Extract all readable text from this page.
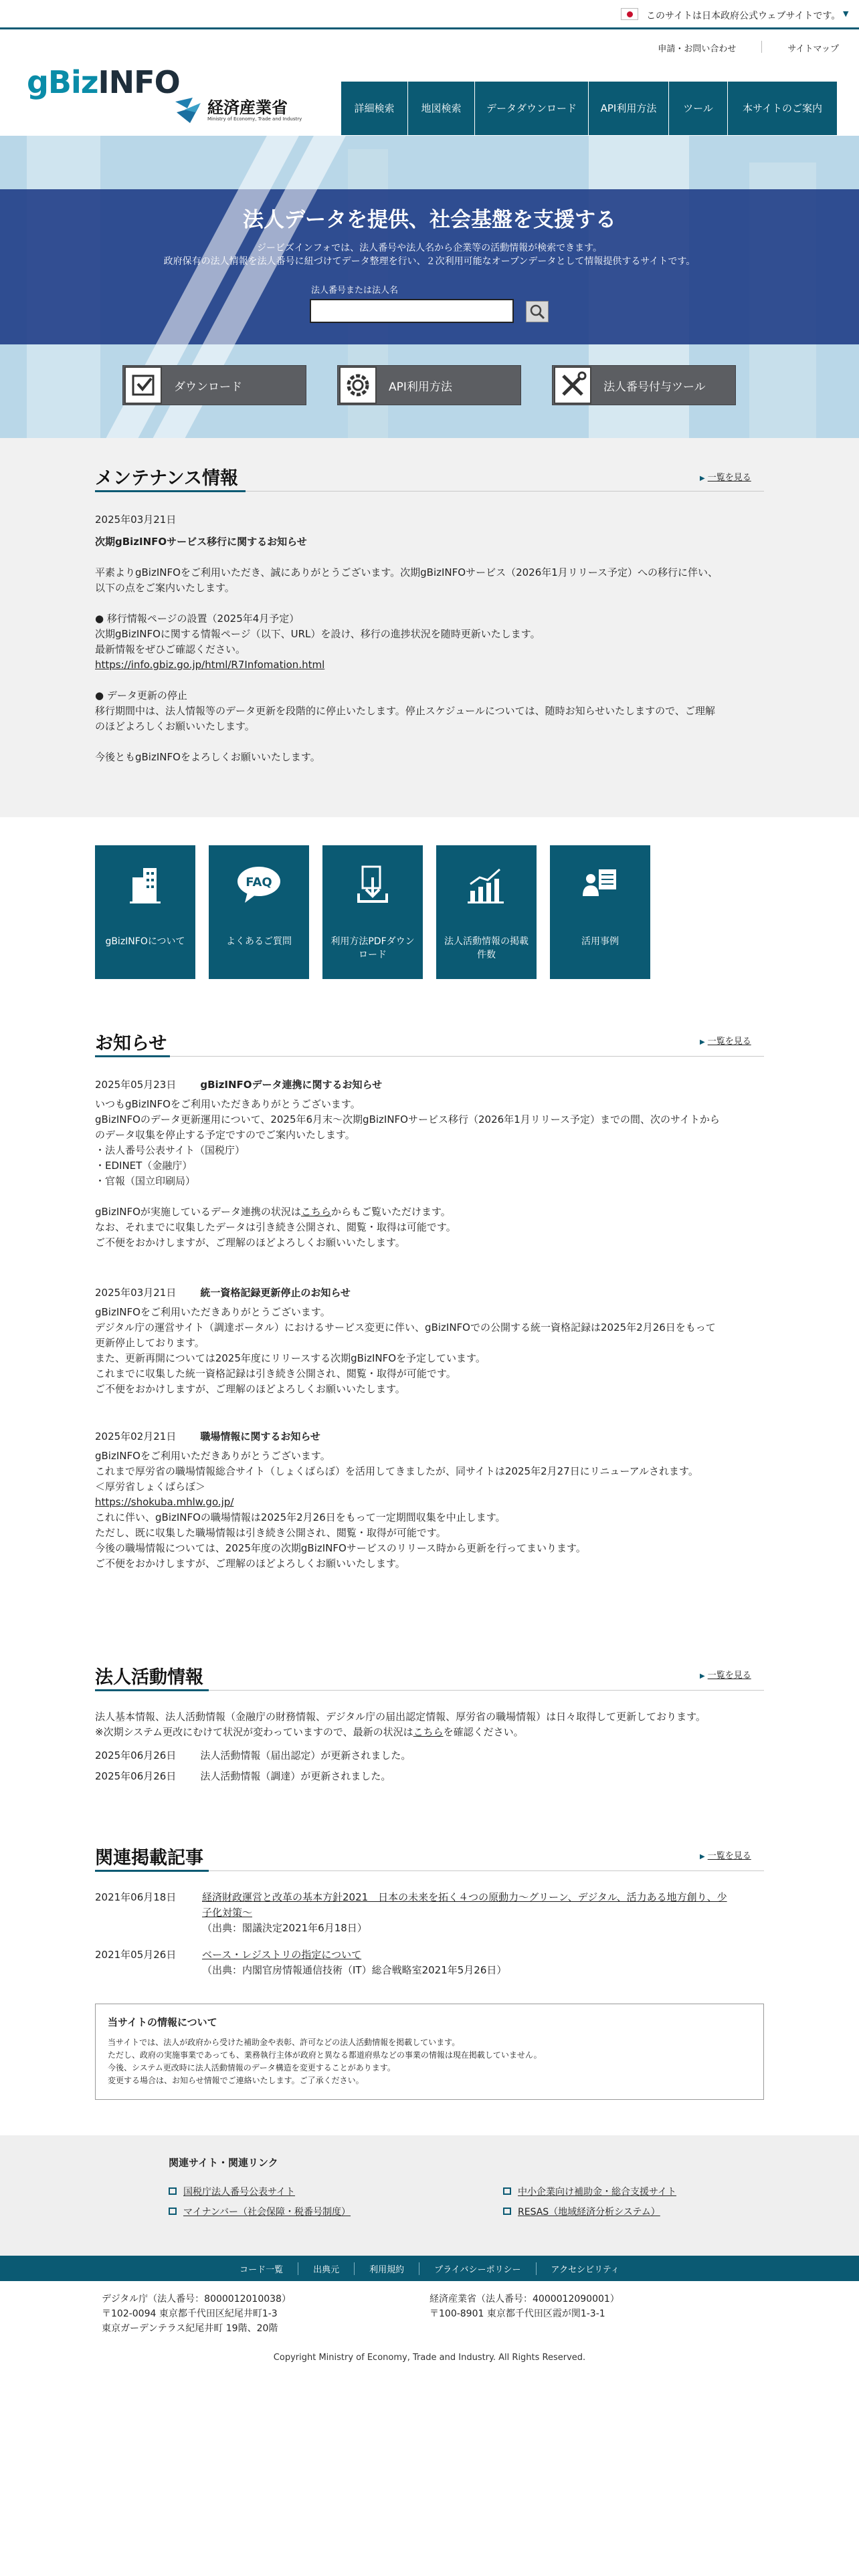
このサイトは日本政府公式ウェブサイトです。 ▼
申請・お問い合わせ	サイトマップ
gBizINFO
経済産業省
Ministry of Economy, Trade and Industry
詳細検索	地図検索	データダウンロード	API利用方法	ツール	本サイトのご案内
法人データを提供、社会基盤を支援する
ジービズインフォでは、法人番号や法人名から企業等の活動情報が検索できます。
政府保有の法人情報を法人番号に紐づけてデータ整理を行い、２次利用可能なオープンデータとして情報提供するサイトです。
法人番号または法人名
ダウンロード	API利用方法	法人番号付与ツール
メンテナンス情報	▶ 一覧を見る
2025年03月21日
次期gBizINFOサービス移行に関するお知らせ
平素よりgBizINFOをご利用いただき、誠にありがとうございます。次期gBizINFOサービス（2026年1月リリース予定）への移行に伴い、
以下の点をご案内いたします。
● 移行情報ページの設置（2025年4月予定）
次期gBizINFOに関する情報ページ（以下、URL）を設け、移行の進捗状況を随時更新いたします。
最新情報をぜひご確認ください。
https://info.gbiz.go.jp/html/R7Infomation.html
● データ更新の停止
移行期間中は、法人情報等のデータ更新を段階的に停止いたします。停止スケジュールについては、随時お知らせいたしますので、ご理解
のほどよろしくお願いいたします。
今後ともgBizINFOをよろしくお願いいたします。
gBizINFOについて
FAQ
よくあるご質問	利用方法PDFダウンロード
法人活動情報の掲載件数
活用事例
お知らせ	▶ 一覧を見る
2025年05月23日 gBizINFOデータ連携に関するお知らせ
いつもgBizINFOをご利用いただきありがとうございます。
gBizINFOのデータ更新運用について、2025年6月末～次期gBizINFOサービス移行（2026年1月リリース予定）までの間、次のサイトから
のデータ収集を停止する予定ですのでご案内いたします。
・法人番号公表サイト（国税庁）
・EDINET（金融庁）
・官報（国立印刷局）
gBizINFOが実施しているデータ連携の状況はこちらからもご覧いただけます。
なお、それまでに収集したデータは引き続き公開され、閲覧・取得は可能です。
ご不便をおかけしますが、ご理解のほどよろしくお願いいたします。
2025年03月21日 統一資格記録更新停止のお知らせ
gBizINFOをご利用いただきありがとうございます。
デジタル庁の運営サイト（調達ポータル）におけるサービス変更に伴い、gBizINFOでの公開する統一資格記録は2025年2月26日をもって
更新停止しております。
また、更新再開については2025年度にリリースする次期gBizINFOを予定しています。
これまでに収集した統一資格記録は引き続き公開され、閲覧・取得が可能です。
ご不便をおかけしますが、ご理解のほどよろしくお願いいたします。
2025年02月21日 職場情報に関するお知らせ
gBizINFOをご利用いただきありがとうございます。
これまで厚労省の職場情報総合サイト（しょくばらぼ）を活用してきましたが、同サイトは2025年2月27日にリニューアルされます。
＜厚労省しょくばらぼ＞
https://shokuba.mhlw.go.jp/
これに伴い、gBizINFOの職場情報は2025年2月26日をもって一定期間収集を中止します。
ただし、既に収集した職場情報は引き続き公開され、閲覧・取得が可能です。
今後の職場情報については、2025年度の次期gBizINFOサービスのリリース時から更新を行ってまいります。
ご不便をおかけしますが、ご理解のほどよろしくお願いいたします。
法人活動情報	▶ 一覧を見る
法人基本情報、法人活動情報（金融庁の財務情報、デジタル庁の届出認定情報、厚労省の職場情報）は日々取得して更新しております。
※次期システム更改にむけて状況が変わっていますので、最新の状況はこちらを確認ください。
2025年06月26日 法人活動情報（届出認定）が更新されました。
2025年06月26日 法人活動情報（調達）が更新されました。
関連掲載記事	▶ 一覧を見る
2021年06月18日	経済財政運営と改革の基本方針2021　日本の未来を拓く４つの原動力～グリーン、デジタル、活力ある地方創り、少
子化対策～
（出典：閣議決定2021年6月18日）
2021年05月26日	ベース・レジストリの指定について
（出典：内閣官房情報通信技術（IT）総合戦略室2021年5月26日）
当サイトの情報について
当サイトでは、法人が政府から受けた補助金や表彰、許可などの法人活動情報を掲載しています。
ただし、政府の実施事業であっても、業務執行主体が政府と異なる都道府県などの事業の情報は現在掲載していません。
今後、システム更改時に法人活動情報のデータ構造を変更することがあります。
変更する場合は、お知らせ情報でご連絡いたします。ご了承ください。
関連サイト・関連リンク
国税庁法人番号公表サイト	中小企業向け補助金・総合支援サイト
マイナンバー（社会保障・税番号制度）	RESAS（地域経済分析システム）
コード一覧	出典元	利用規約	プライバシーポリシー	アクセシビリティ
デジタル庁（法人番号：8000012010038）
〒102-0094 東京都千代田区紀尾井町1-3
東京ガーデンテラス紀尾井町 19階、20階
経済産業省（法人番号：4000012090001）
〒100-8901 東京都千代田区霞が関1-3-1
Copyright Ministry of Economy, Trade and Industry. All Rights Reserved.
